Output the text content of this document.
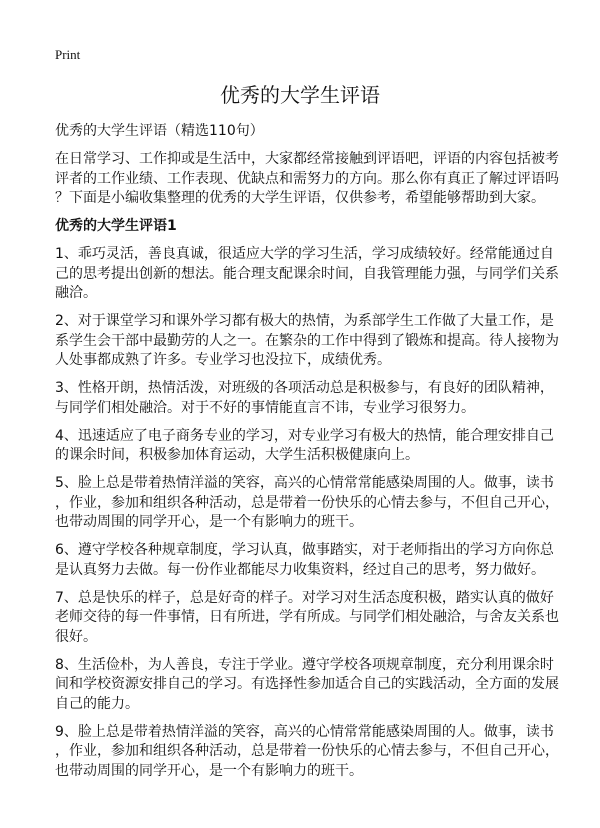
Print
优秀的大学生评语
优秀的大学生评语（精选110句）
在日常学习、工作抑或是生活中，大家都经常接触到评语吧，评语的内容包括被考
评者的工作业绩、工作表现、优缺点和需努力的方向。那么你有真正了解过评语吗
？下面是小编收集整理的优秀的大学生评语，仅供参考，希望能够帮助到大家。
优秀的大学生评语1
1、乖巧灵活，善良真诚，很适应大学的学习生活，学习成绩较好。经常能通过自
己的思考提出创新的想法。能合理支配课余时间，自我管理能力强，与同学们关系
融洽。
2、对于课堂学习和课外学习都有极大的热情，为系部学生工作做了大量工作，是
系学生会干部中最勤劳的人之一。在繁杂的工作中得到了锻炼和提高。待人接物为
人处事都成熟了许多。专业学习也没拉下，成绩优秀。
3、性格开朗，热情活泼，对班级的各项活动总是积极参与，有良好的团队精神，
与同学们相处融洽。对于不好的事情能直言不讳，专业学习很努力。
4、迅速适应了电子商务专业的学习，对专业学习有极大的热情，能合理安排自己
的课余时间，积极参加体育运动，大学生活积极健康向上。
5、脸上总是带着热情洋溢的笑容，高兴的心情常常能感染周围的人。做事，读书
，作业，参加和组织各种活动，总是带着一份快乐的心情去参与，不但自己开心，
也带动周围的同学开心，是一个有影响力的班干。
6、遵守学校各种规章制度，学习认真，做事踏实，对于老师指出的学习方向你总
是认真努力去做。每一份作业都能尽力收集资料，经过自己的思考，努力做好。
7、总是快乐的样子，总是好奇的样子。对学习对生活态度积极，踏实认真的做好
老师交待的每一件事情，日有所进，学有所成。与同学们相处融洽，与舍友关系也
很好。
8、生活俭朴，为人善良，专注于学业。遵守学校各项规章制度，充分利用课余时
间和学校资源安排自己的学习。有选择性参加适合自己的实践活动，全方面的发展
自己的能力。
9、脸上总是带着热情洋溢的笑容，高兴的心情常常能感染周围的人。做事，读书
，作业，参加和组织各种活动，总是带着一份快乐的心情去参与，不但自己开心，
也带动周围的同学开心，是一个有影响力的班干。
